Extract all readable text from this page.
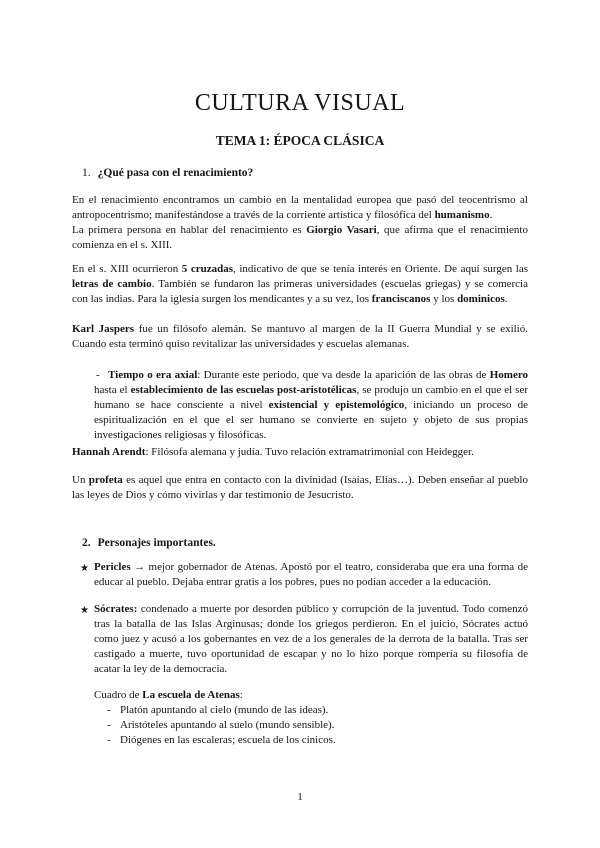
CULTURA VISUAL
TEMA 1: ÉPOCA CLÁSICA
1. ¿Qué pasa con el renacimiento?

En el renacimiento encontramos un cambio en la mentalidad europea que pasó del teocentrismo al antropocentrismo; manifestándose a través de la corriente artística y filosófica del humanismo.

La primera persona en hablar del renacimiento es Giorgio Vasari, que afirma que el renacimiento comienza en el s. XIII.

En el s. XIII ocurrieron 5 cruzadas, indicativo de que se tenía interés en Oriente. De aquí surgen las letras de cambio. También se fundaron las primeras universidades (escuelas griegas) y se comercia con las indias. Para la iglesia surgen los mendicantes y a su vez, los franciscanos y los dominicos.

Karl Jaspers fue un filósofo alemán. Se mantuvo al margen de la II Guerra Mundial y se exilió. Cuando esta terminó quiso revitalizar las universidades y escuelas alemanas.

- Tiempo o era axial: Durante este periodo, que va desde la aparición de las obras de Homero hasta el establecimiento de las escuelas post-aristotélicas, se produjo un cambio en el que el ser humano se hace consciente a nivel existencial y epistemológico, iniciando un proceso de espiritualización en el que el ser humano se convierte en sujeto y objeto de sus propias investigaciones religiosas y filosóficas.

Hannah Arendt: Filósofa alemana y judía. Tuvo relación extramatrimonial con Heidegger.

Un profeta es aquel que entra en contacto con la divinidad (Isaías, Elías…). Deben enseñar al pueblo las leyes de Dios y cómo vivirlas y dar testimonio de Jesucristo.

2. Personajes importantes.
★ Pericles → mejor gobernador de Atenas. Apostó por el teatro, consideraba que era una forma de educar al pueblo. Dejaba entrar gratis a los pobres, pues no podían acceder a la educación.
★ Sócrates: condenado a muerte por desorden público y corrupción de la juventud. Todo comenzó tras la batalla de las Islas Arginusas; donde los griegos perdieron. En el juicio, Sócrates actuó como juez y acusó a los gobernantes en vez de a los generales de la derrota de la batalla. Tras ser castigado a muerte, tuvo oportunidad de escapar y no lo hizo porque rompería su filosofía de acatar la ley de la democracia.

Cuadro de La escuela de Atenas:

- Platón apuntando al cielo (mundo de las ideas).
- Aristóteles apuntando al suelo (mundo sensible).
- Diógenes en las escaleras; escuela de los cínicos.
1
